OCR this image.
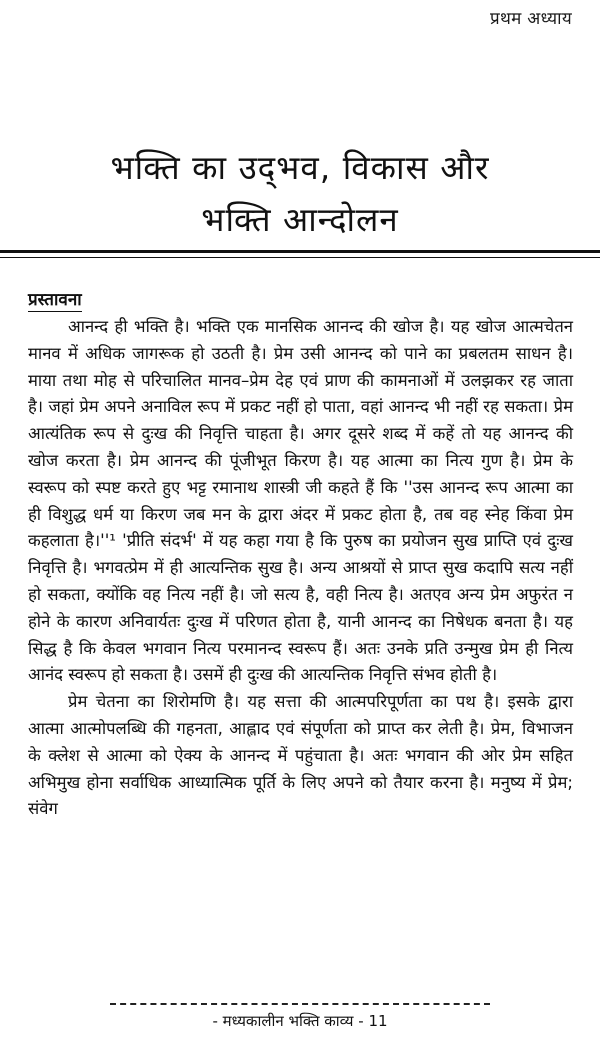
प्रथम अध्याय
भक्ति का उद्‌भव, विकास और
भक्ति आन्दोलन
प्रस्तावना

आनन्द ही भक्ति है। भक्ति एक मानसिक आनन्द की खोज है। यह खोज आत्मचेतन मानव में अधिक जागरूक हो उठती है। प्रेम उसी आनन्द को पाने का प्रबलतम साधन है। माया तथा मोह से परिचालित मानव–प्रेम देह एवं प्राण की कामनाओं में उलझकर रह जाता है। जहां प्रेम अपने अनाविल रूप में प्रकट नहीं हो पाता, वहां आनन्द भी नहीं रह सकता। प्रेम आत्यंतिक रूप से दुःख की निवृत्ति चाहता है। अगर दूसरे शब्द में कहें तो यह आनन्द की खोज करता है। प्रेम आनन्द की पूंजीभूत किरण है। यह आत्मा का नित्य गुण है। प्रेम के स्वरूप को स्पष्ट करते हुए भट्ट रमानाथ शास्त्री जी कहते हैं कि ''उस आनन्द रूप आत्मा का ही विशुद्ध धर्म या किरण जब मन के द्वारा अंदर में प्रकट होता है, तब वह स्नेह किंवा प्रेम कहलाता है।''¹ 'प्रीति संदर्भ' में यह कहा गया है कि पुरुष का प्रयोजन सुख प्राप्ति एवं दुःख निवृत्ति है। भगवत्प्रेम में ही आत्यन्तिक सुख है। अन्य आश्रयों से प्राप्त सुख कदापि सत्य नहीं हो सकता, क्योंकि वह नित्य नहीं है। जो सत्य है, वही नित्य है। अतएव अन्य प्रेम अफुरंत न होने के कारण अनिवार्यतः दुःख में परिणत होता है, यानी आनन्द का निषेधक बनता है। यह सिद्ध है कि केवल भगवान नित्य परमानन्द स्वरूप हैं। अतः उनके प्रति उन्मुख प्रेम ही नित्य आनंद स्वरूप हो सकता है। उसमें ही दुःख की आत्यन्तिक निवृत्ति संभव होती है।

प्रेम चेतना का शिरोमणि है। यह सत्ता की आत्मपरिपूर्णता का पथ है। इसके द्वारा आत्मा आत्मोपलब्धि की गहनता, आह्लाद एवं संपूर्णता को प्राप्त कर लेती है। प्रेम, विभाजन के क्लेश से आत्मा को ऐक्य के आनन्द में पहुंचाता है। अतः भगवान की ओर प्रेम सहित अभिमुख होना सर्वाधिक आध्यात्मिक पूर्ति के लिए अपने को तैयार करना है। मनुष्य में प्रेम; संवेग

- मध्यकालीन भक्ति काव्य - 11
